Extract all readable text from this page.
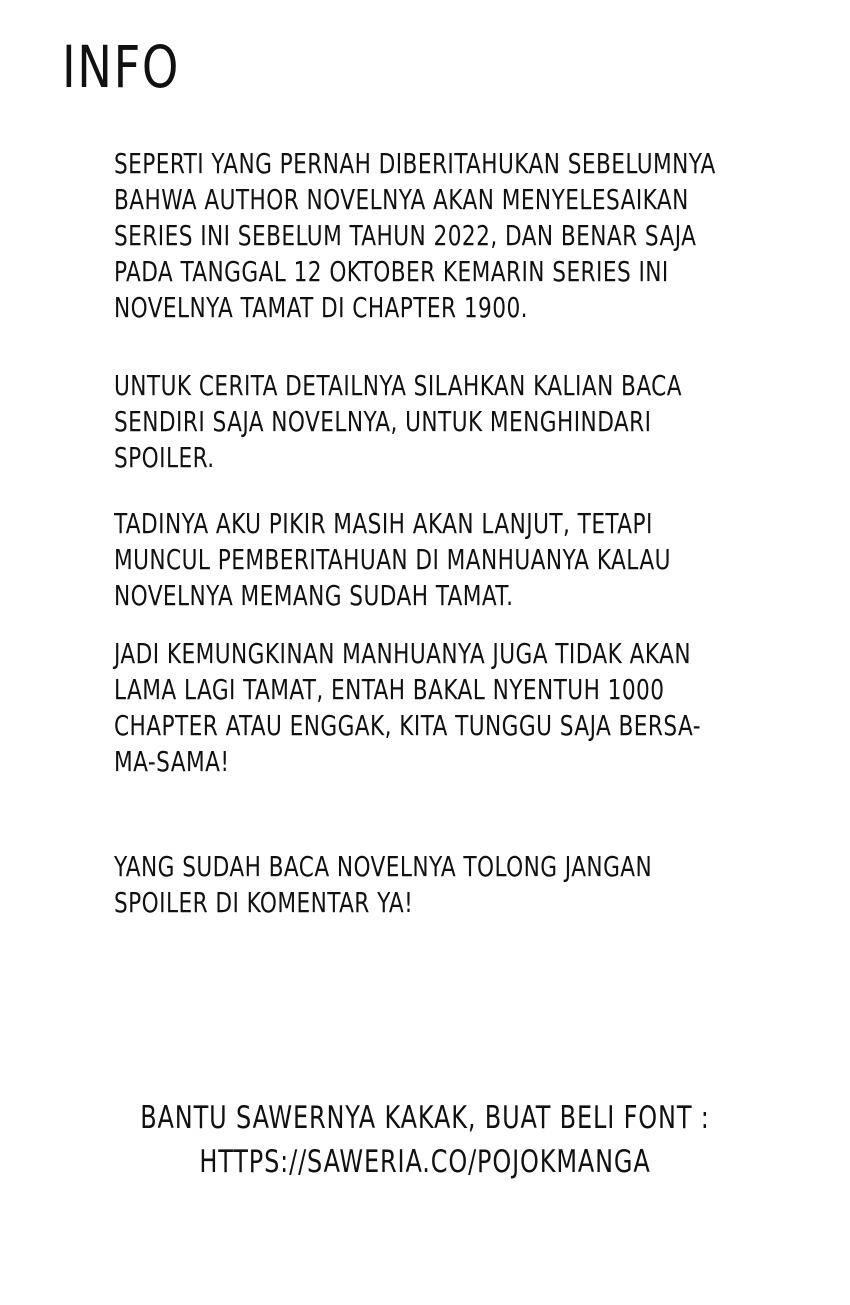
INFO

SEPERTI YANG PERNAH DIBERITAHUKAN SEBELUMNYA
BAHWA AUTHOR NOVELNYA AKAN MENYELESAIKAN
SERIES INI SEBELUM TAHUN 2022, DAN BENAR SAJA
PADA TANGGAL 12 OKTOBER KEMARIN SERIES INI
NOVELNYA TAMAT DI CHAPTER 1900.

UNTUK CERITA DETAILNYA SILAHKAN KALIAN BACA
SENDIRI SAJA NOVELNYA, UNTUK MENGHINDARI
SPOILER.

TADINYA AKU PIKIR MASIH AKAN LANJUT, TETAPI
MUNCUL PEMBERITAHUAN DI MANHUANYA KALAU
NOVELNYA MEMANG SUDAH TAMAT.

JADI KEMUNGKINAN MANHUANYA JUGA TIDAK AKAN
LAMA LAGI TAMAT, ENTAH BAKAL NYENTUH 1000
CHAPTER ATAU ENGGAK, KITA TUNGGU SAJA BERSA-
MA-SAMA!

YANG SUDAH BACA NOVELNYA TOLONG JANGAN
SPOILER DI KOMENTAR YA!

BANTU SAWERNYA KAKAK, BUAT BELI FONT :
HTTPS://SAWERIA.CO/POJOKMANGA
